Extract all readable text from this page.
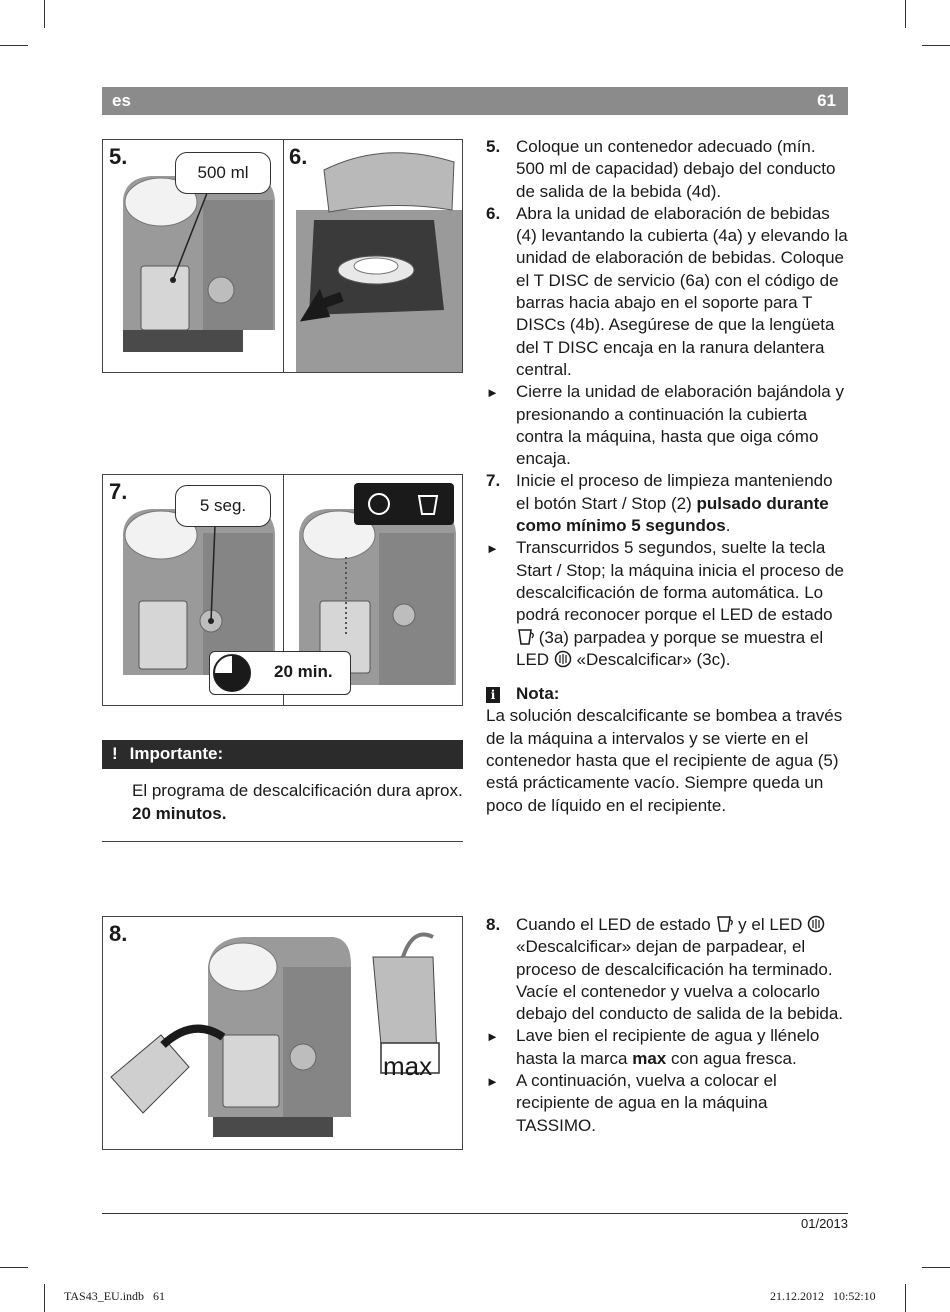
es	61
5.	6.
500 ml
7.
5 seg.
20 min.
! Importante:
El programa de descalcificación dura aprox. 20 minutos.
8.
max
5. Coloque un contenedor adecuado (mín. 500 ml de capacidad) debajo del conducto de salida de la bebida (4d).
6. Abra la unidad de elaboración de bebidas (4) levantando la cubierta (4a) y elevando la unidad de elaboración de bebidas. Coloque el T DISC de servicio (6a) con el código de barras hacia abajo en el soporte para T DISCs (4b). Asegúrese de que la lengüeta del T DISC encaja en la ranura delantera central.
► Cierre la unidad de elaboración bajándola y presionando a continuación la cubierta contra la máquina, hasta que oiga cómo encaja.
7. Inicie el proceso de limpieza manteniendo el botón Start / Stop (2) pulsado durante como mínimo 5 segundos.
► Transcurridos 5 segundos, suelte la tecla Start / Stop; la máquina inicia el proceso de descalcificación de forma automática. Lo podrá reconocer porque el LED de estado  (3a) parpadea y porque se muestra el LED  «Descalcificar» (3c).
i Nota:
La solución descalcificante se bombea a través de la máquina a intervalos y se vierte en el contenedor hasta que el recipiente de agua (5) está prácticamente vacío. Siempre queda un poco de líquido en el recipiente.
8. Cuando el LED de estado  y el LED  «Descalcificar» dejan de parpadear, el proceso de descalcificación ha terminado. Vacíe el contenedor y vuelva a colocarlo debajo del conducto de salida de la bebida.
► Lave bien el recipiente de agua y llénelo hasta la marca max con agua fresca.
► A continuación, vuelva a colocar el recipiente de agua en la máquina TASSIMO.
01/2013
TAS43_EU.indb   61	21.12.2012   10:52:10
